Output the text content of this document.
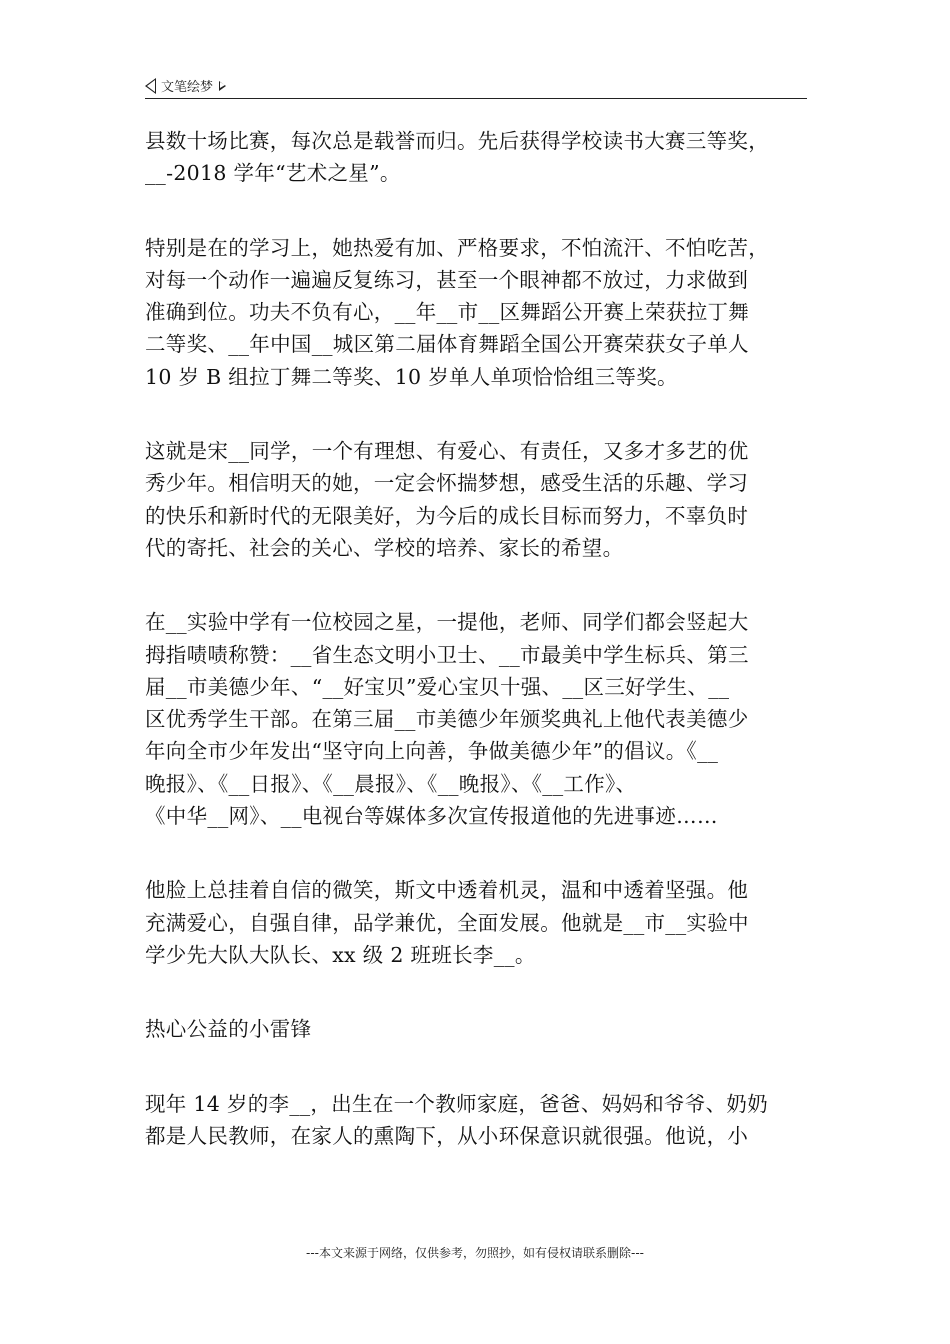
文笔绘梦
县数十场比赛，每次总是载誉而归。先后获得学校读书大赛三等奖，
__-2018 学年“艺术之星”。
特别是在的学习上，她热爱有加、严格要求，不怕流汗、不怕吃苦，
对每一个动作一遍遍反复练习，甚至一个眼神都不放过，力求做到
准确到位。功夫不负有心，__年__市__区舞蹈公开赛上荣获拉丁舞
二等奖、__年中国__城区第二届体育舞蹈全国公开赛荣获女子单人
10 岁 B 组拉丁舞二等奖、10 岁单人单项恰恰组三等奖。
这就是宋__同学，一个有理想、有爱心、有责任，又多才多艺的优
秀少年。相信明天的她，一定会怀揣梦想，感受生活的乐趣、学习
的快乐和新时代的无限美好，为今后的成长目标而努力，不辜负时
代的寄托、社会的关心、学校的培养、家长的希望。
在__实验中学有一位校园之星，一提他，老师、同学们都会竖起大
拇指啧啧称赞：__省生态文明小卫士、__市最美中学生标兵、第三
届__市美德少年、“__好宝贝”爱心宝贝十强、__区三好学生、__
区优秀学生干部。在第三届__市美德少年颁奖典礼上他代表美德少
年向全市少年发出“坚守向上向善，争做美德少年”的倡议。《__
晚报》、《__日报》、《__晨报》、《__晚报》、《__工作》、
《中华__网》、__电视台等媒体多次宣传报道他的先进事迹……
他脸上总挂着自信的微笑，斯文中透着机灵，温和中透着坚强。他
充满爱心，自强自律，品学兼优，全面发展。他就是__市__实验中
学少先大队大队长、xx 级 2 班班长李__。
热心公益的小雷锋
现年 14 岁的李__，出生在一个教师家庭，爸爸、妈妈和爷爷、奶奶
都是人民教师，在家人的熏陶下，从小环保意识就很强。他说，小
---本文来源于网络，仅供参考，勿照抄，如有侵权请联系删除---
